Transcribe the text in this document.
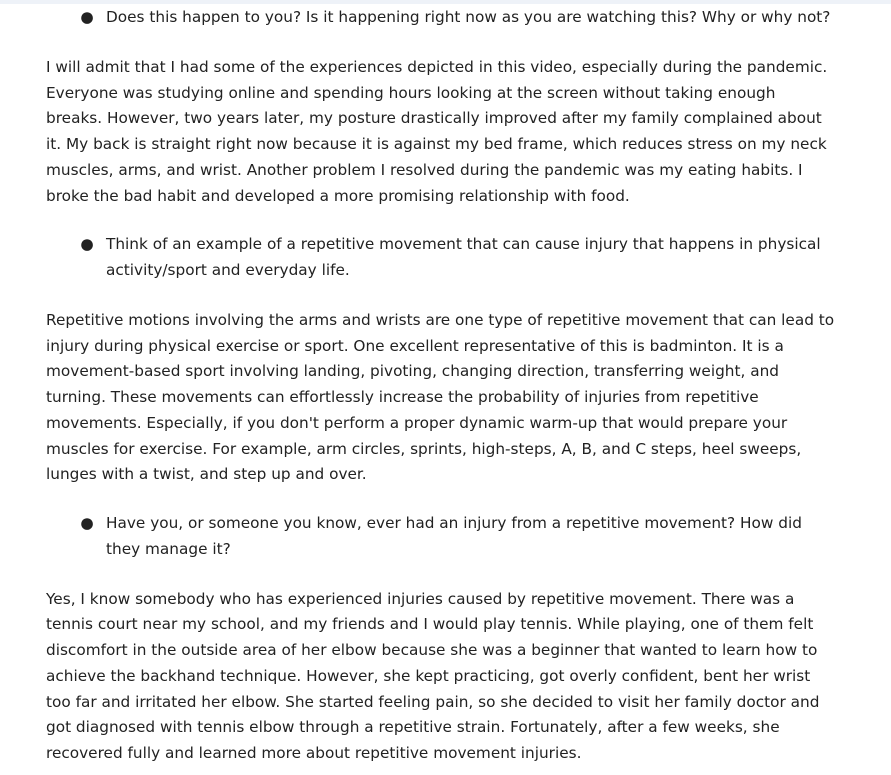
● Does this happen to you? Is it happening right now as you are watching this? Why or why not?

I will admit that I had some of the experiences depicted in this video, especially during the pandemic. Everyone was studying online and spending hours looking at the screen without taking enough breaks. However, two years later, my posture drastically improved after my family complained about it. My back is straight right now because it is against my bed frame, which reduces stress on my neck muscles, arms, and wrist. Another problem I resolved during the pandemic was my eating habits. I broke the bad habit and developed a more promising relationship with food.

● Think of an example of a repetitive movement that can cause injury that happens in physical activity/sport and everyday life.

Repetitive motions involving the arms and wrists are one type of repetitive movement that can lead to injury during physical exercise or sport. One excellent representative of this is badminton. It is a movement-based sport involving landing, pivoting, changing direction, transferring weight, and turning. These movements can effortlessly increase the probability of injuries from repetitive movements. Especially, if you don't perform a proper dynamic warm-up that would prepare your muscles for exercise. For example, arm circles, sprints, high-steps, A, B, and C steps, heel sweeps, lunges with a twist, and step up and over.

● Have you, or someone you know, ever had an injury from a repetitive movement? How did they manage it?

Yes, I know somebody who has experienced injuries caused by repetitive movement. There was a tennis court near my school, and my friends and I would play tennis. While playing, one of them felt discomfort in the outside area of her elbow because she was a beginner that wanted to learn how to achieve the backhand technique. However, she kept practicing, got overly confident, bent her wrist too far and irritated her elbow. She started feeling pain, so she decided to visit her family doctor and got diagnosed with tennis elbow through a repetitive strain. Fortunately, after a few weeks, she recovered fully and learned more about repetitive movement injuries.
